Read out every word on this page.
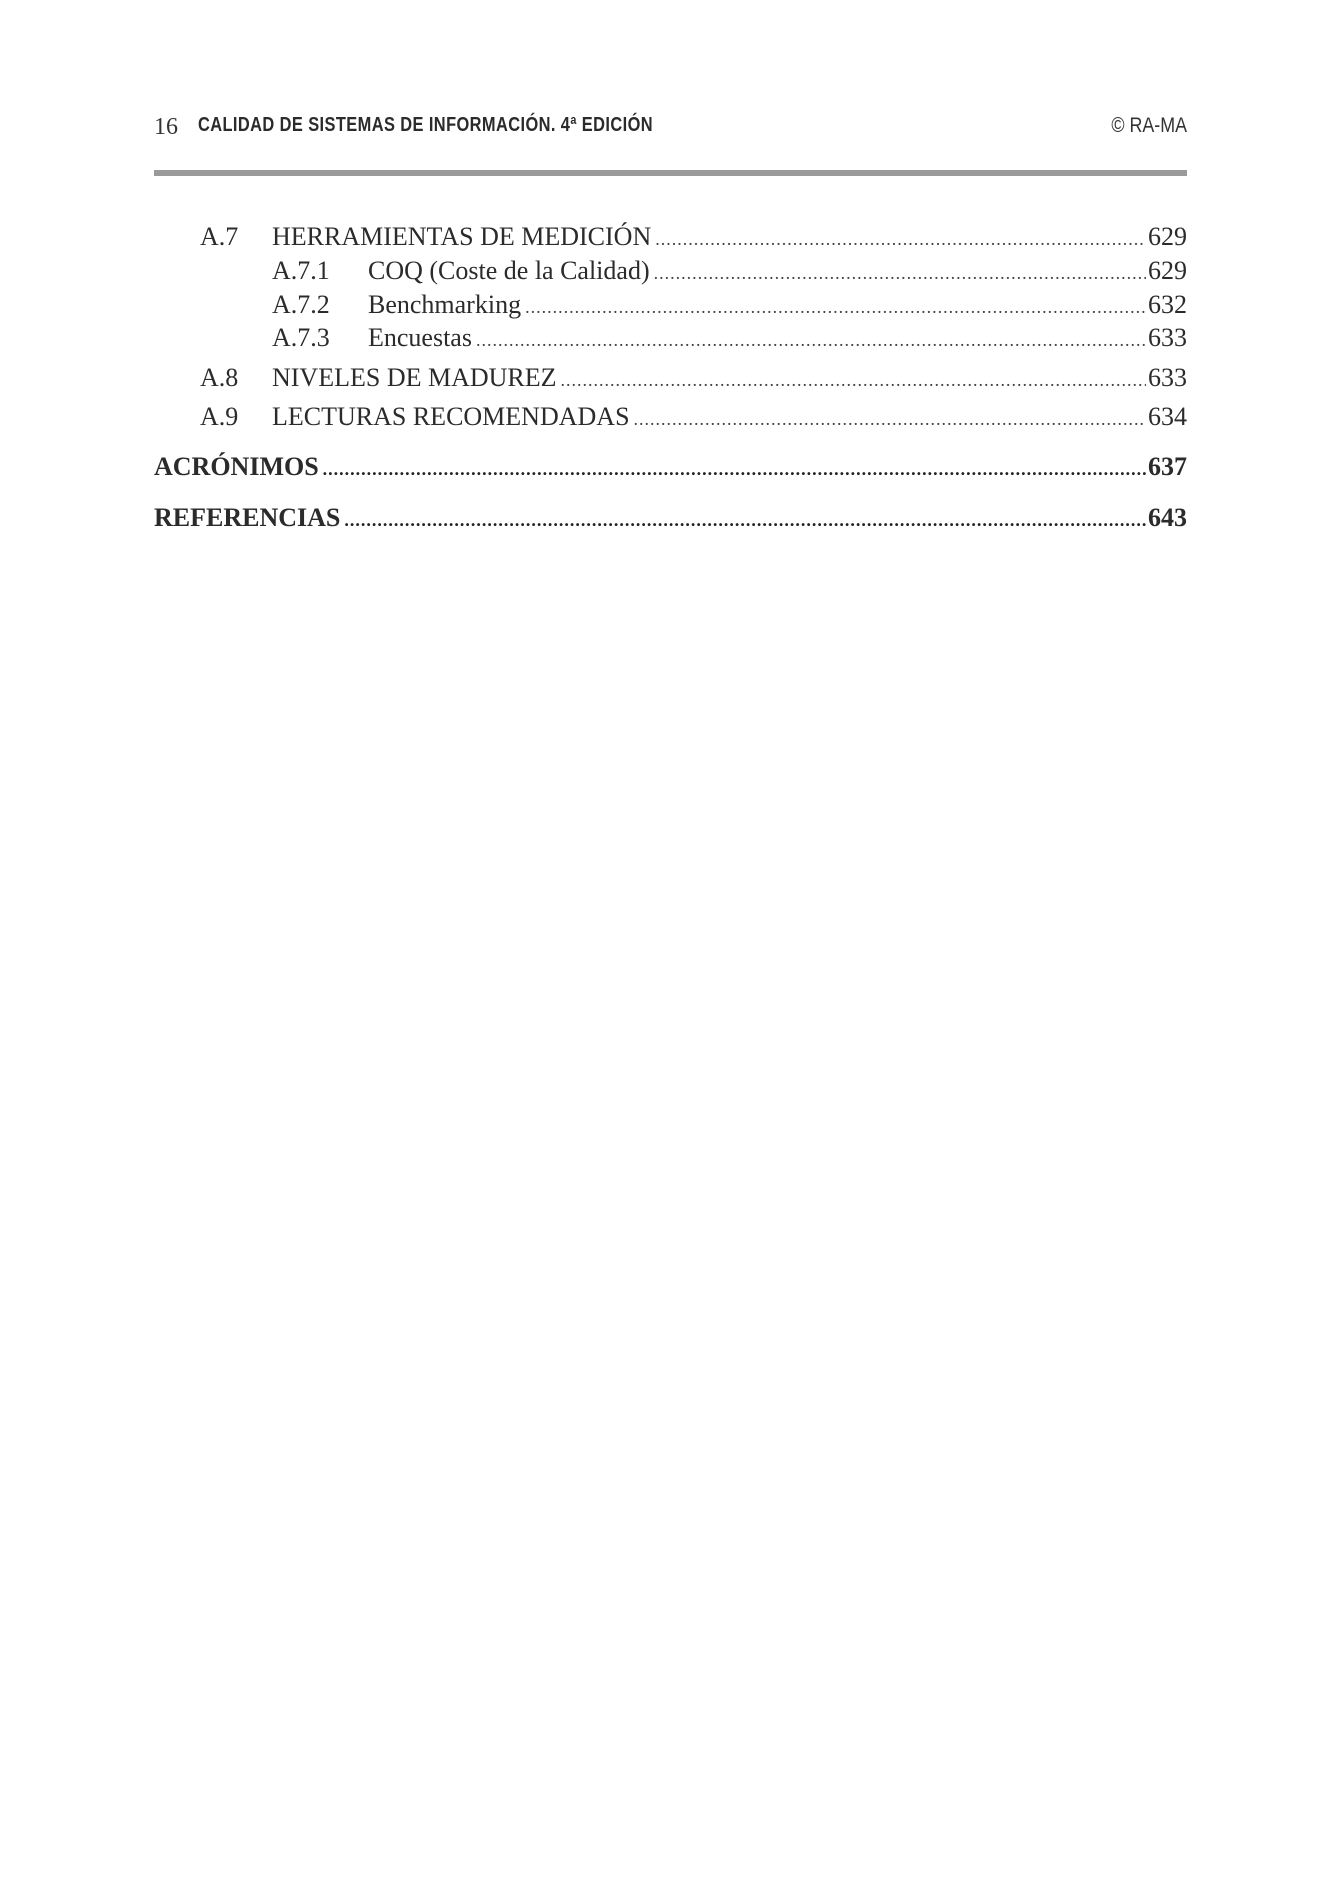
16 CALIDAD DE SISTEMAS DE INFORMACIÓN. 4ª EDICIÓN	© RA-MA
A.7	HERRAMIENTAS DE MEDICIÓN .....	629
A.7.1	COQ (Coste de la Calidad) .....	629
A.7.2	Benchmarking .....	632
A.7.3	Encuestas .....	633
A.8	NIVELES DE MADUREZ .....	633
A.9	LECTURAS RECOMENDADAS .....	634
ACRÓNIMOS .....	637
REFERENCIAS .....	643
